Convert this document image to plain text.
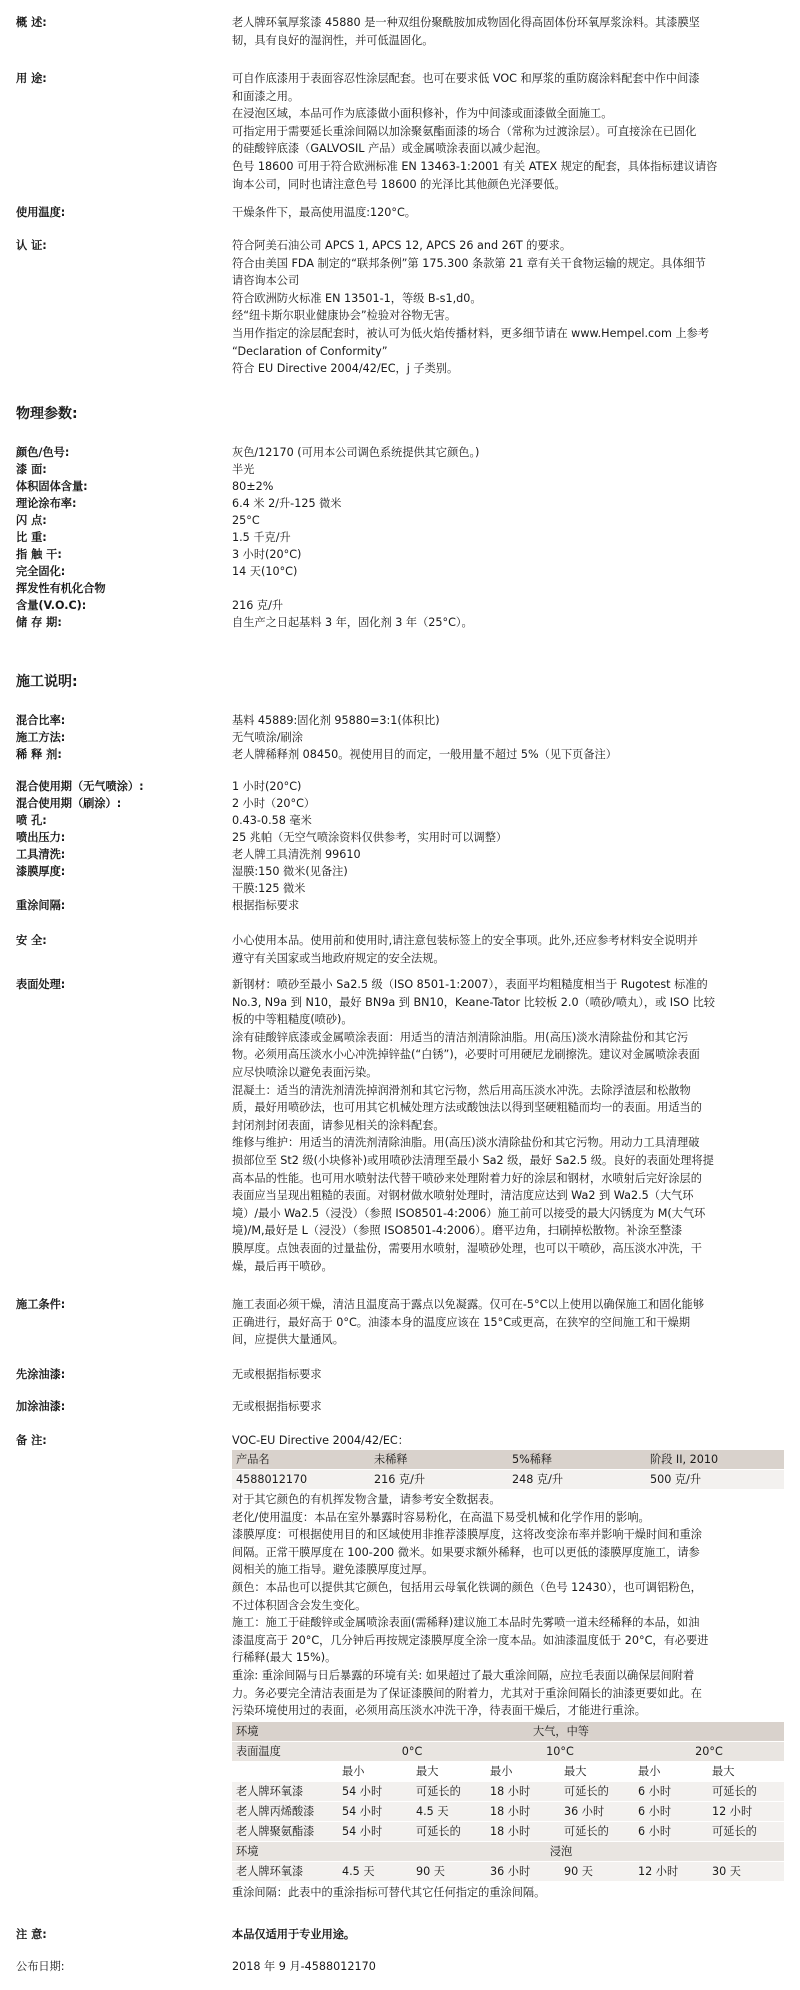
概 述:	老人牌环氧厚浆漆 45880 是一种双组份聚酰胺加成物固化得高固体份环氧厚浆涂料。其漆膜坚
韧，具有良好的湿润性，并可低温固化。
用 途:	可自作底漆用于表面容忍性涂层配套。也可在要求低 VOC 和厚浆的重防腐涂料配套中作中间漆
和面漆之用。
在浸泡区域，本品可作为底漆做小面积修补，作为中间漆或面漆做全面施工。
可指定用于需要延长重涂间隔以加涂聚氨酯面漆的场合（常称为过渡涂层）。可直接涂在已固化
的硅酸锌底漆（GALVOSIL 产品）或金属喷涂表面以减少起泡。
色号 18600 可用于符合欧洲标准 EN 13463-1:2001 有关 ATEX 规定的配套，具体指标建议请咨
询本公司，同时也请注意色号 18600 的光泽比其他颜色光泽要低。
使用温度:	干燥条件下，最高使用温度:120°C。
认 证:	符合阿美石油公司 APCS 1, APCS 12, APCS 26 and 26T 的要求。
符合由美国 FDA 制定的“联邦条例”第 175.300 条款第 21 章有关干食物运输的规定。具体细节
请咨询本公司
符合欧洲防火标准 EN 13501-1，等级 B-s1,d0。
经“纽卡斯尔职业健康协会”检验对谷物无害。
当用作指定的涂层配套时，被认可为低火焰传播材料，更多细节请在 www.Hempel.com 上参考
“Declaration of Conformity”
符合 EU Directive 2004/42/EC，j 子类别。
物理参数:
颜色/色号:	灰色/12170 (可用本公司调色系统提供其它颜色。)
漆 面:	半光
体积固体含量:	80±2%
理论涂布率:	6.4 米 2/升-125 微米
闪 点:	25°C
比 重:	1.5 千克/升
指 触 干:	3 小时(20°C)
完全固化:	14 天(10°C)
挥发性有机化合物
含量(V.O.C):	216 克/升
储 存 期:	自生产之日起基料 3 年，固化剂 3 年（25°C）。
施工说明:
混合比率:	基料 45889:固化剂 95880=3:1(体积比)
施工方法:	无气喷涂/刷涂
稀 释 剂:	老人牌稀释剂 08450。视使用目的而定，一般用量不超过 5%（见下页备注）
混合使用期（无气喷涂）:	1 小时(20°C)
混合使用期（刷涂）:	2 小时（20°C）
喷 孔:	0.43-0.58 毫米
喷出压力:	25 兆帕（无空气喷涂资料仅供参考，实用时可以调整）
工具清洗:	老人牌工具清洗剂 99610
漆膜厚度:	湿膜:150 微米(见备注)
干膜:125 微米
重涂间隔:	根据指标要求
安 全:	小心使用本品。使用前和使用时,请注意包装标签上的安全事项。此外,还应参考材料安全说明并
遵守有关国家或当地政府规定的安全法规。
表面处理:	新钢材：喷砂至最小 Sa2.5 级（ISO 8501-1:2007），表面平均粗糙度相当于 Rugotest 标准的
No.3, N9a 到 N10，最好 BN9a 到 BN10，Keane-Tator 比较板 2.0（喷砂/喷丸），或 ISO 比较
板的中等粗糙度(喷砂)。
涂有硅酸锌底漆或金属喷涂表面：用适当的清洁剂清除油脂。用(高压)淡水清除盐份和其它污
物。必须用高压淡水小心冲洗掉锌盐(“白锈”)，必要时可用硬尼龙刷擦洗。建议对金属喷涂表面
应尽快喷涂以避免表面污染。
混凝土：适当的清洗剂清洗掉润滑剂和其它污物，然后用高压淡水冲洗。去除浮渣层和松散物
质，最好用喷砂法，也可用其它机械处理方法或酸蚀法以得到坚硬粗糙而均一的表面。用适当的
封闭剂封闭表面，请参见相关的涂料配套。
维修与维护：用适当的清洗剂清除油脂。用(高压)淡水清除盐份和其它污物。用动力工具清理破
损部位至 St2 级(小块修补)或用喷砂法清理至最小 Sa2 级，最好 Sa2.5 级。良好的表面处理将提
高本品的性能。也可用水喷射法代替干喷砂来处理附着力好的涂层和钢材，水喷射后完好涂层的
表面应当呈现出粗糙的表面。对钢材做水喷射处理时，清洁度应达到 Wa2 到 Wa2.5（大气环
境）/最小 Wa2.5（浸没）（参照 ISO8501-4:2006）施工前可以接受的最大闪锈度为 M(大气环
境)/M,最好是 L（浸没）（参照 ISO8501-4:2006）。磨平边角，扫刷掉松散物。补涂至整漆
膜厚度。点蚀表面的过量盐份，需要用水喷射，湿喷砂处理，也可以干喷砂，高压淡水冲洗，干
燥，最后再干喷砂。
施工条件:	施工表面必须干燥，清洁且温度高于露点以免凝露。仅可在-5°C以上使用以确保施工和固化能够
正确进行，最好高于 0°C。油漆本身的温度应该在 15°C或更高，在狭窄的空间施工和干燥期
间，应提供大量通风。
先涂油漆:	无或根据指标要求
加涂油漆:	无或根据指标要求
备 注:	VOC-EU Directive 2004/42/EC：
产品名	未稀释	5%稀释	阶段 II, 2010
4588012170	216 克/升	248 克/升	500 克/升
对于其它颜色的有机挥发物含量，请参考安全数据表。
老化/使用温度：本品在室外暴露时容易粉化，在高温下易受机械和化学作用的影响。
漆膜厚度：可根据使用目的和区域使用非推荐漆膜厚度，这将改变涂布率并影响干燥时间和重涂
间隔。正常干膜厚度在 100-200 微米。如果要求额外稀释，也可以更低的漆膜厚度施工，请参
阅相关的施工指导。避免漆膜厚度过厚。
颜色：本品也可以提供其它颜色，包括用云母氧化铁调的颜色（色号 12430），也可调铝粉色，
不过体积固含会发生变化。
施工：施工于硅酸锌或金属喷涂表面(需稀释)建议施工本品时先雾喷一道未经稀释的本品，如油
漆温度高于 20°C，几分钟后再按规定漆膜厚度全涂一度本品。如油漆温度低于 20°C，有必要进
行稀释(最大 15%)。
重涂: 重涂间隔与日后暴露的环境有关: 如果超过了最大重涂间隔，应拉毛表面以确保层间附着
力。务必要完全清洁表面是为了保证漆膜间的附着力，尤其对于重涂间隔长的油漆更要如此。在
污染环境使用过的表面，必须用高压淡水冲洗干净，待表面干燥后，才能进行重涂。
环境	大气，中等					
表面温度	0°C		10°C		20°C	
	最小	最大	最小	最大	最小	最大
老人牌环氧漆	54 小时	可延长的	18 小时	可延长的	6 小时	可延长的
老人牌丙烯酸漆	54 小时	4.5 天	18 小时	36 小时	6 小时	12 小时
老人牌聚氨酯漆	54 小时	可延长的	18 小时	可延长的	6 小时	可延长的
环境	浸泡					
老人牌环氧漆	4.5 天	90 天	36 小时	90 天	12 小时	30 天
重涂间隔：此表中的重涂指标可替代其它任何指定的重涂间隔。
注 意:	本品仅适用于专业用途。
公布日期:	2018 年 9 月-4588012170
